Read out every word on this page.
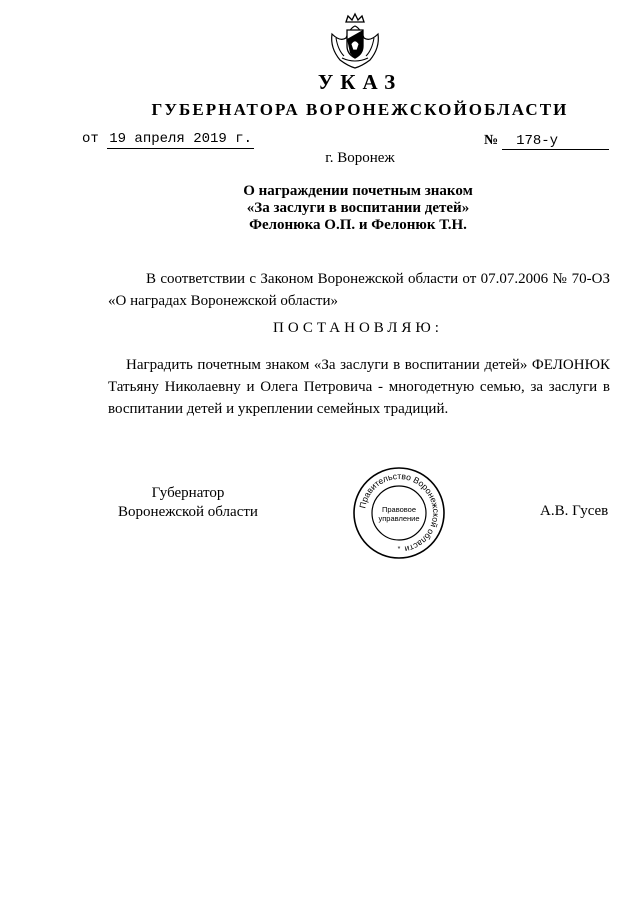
УКАЗ
ГУБЕРНАТОРА ВОРОНЕЖСКОЙОБЛАСТИ
от 19 апреля 2019 г.	№ 178-у
г. Воронеж
О награждении почетным знаком
«За заслуги в воспитании детей»
Фелонюка О.П. и Фелонюк Т.Н.
В соответствии с Законом Воронежской области от 07.07.2006 № 70-ОЗ «О наградах Воронежской области»
ПОСТАНОВЛЯЮ:
Наградить почетным знаком «За заслуги в воспитании детей» ФЕЛОНЮК Татьяну Николаевну и Олега Петровича - многодетную семью, за заслуги в воспитании детей и укреплении семейных традиций.
Губернатор
Воронежской области	Правительство Воронежской области
Правовое
управление
*
А.В. Гусев
